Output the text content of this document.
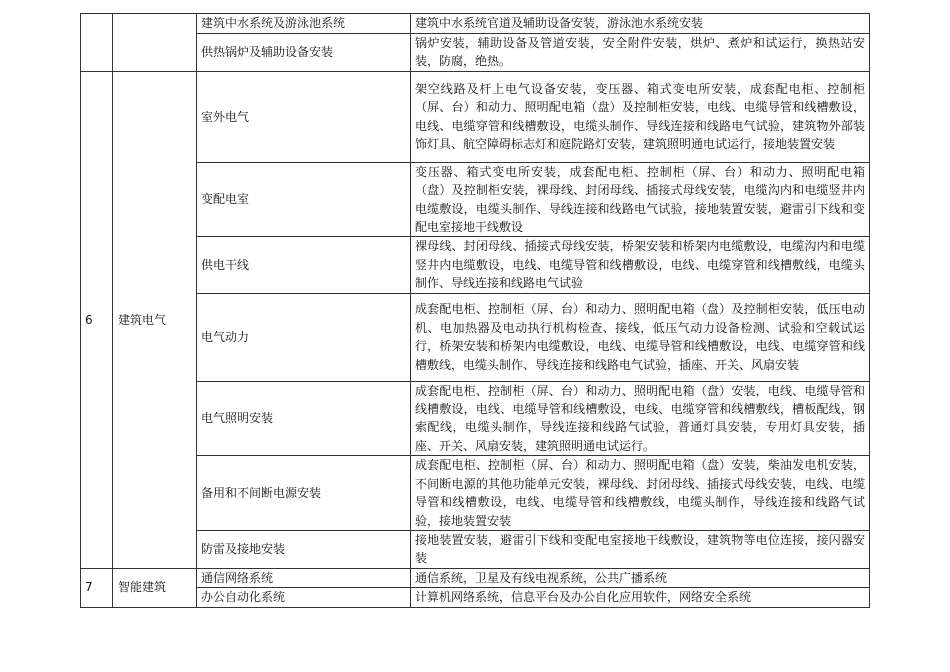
		建筑中水系统及游泳池系统	建筑中水系统官道及辅助设备安装，游泳池水系统安装
		供热锅炉及辅助设备安装	锅炉安装，辅助设备及管道安装，安全附件安装，烘炉、煮炉和试运行，换热站安装，防腐，绝热。
6	建筑电气	室外电气	架空线路及杆上电气设备安装，变压器、箱式变电所安装，成套配电柜、控制柜（屏、台）和动力、照明配电箱（盘）及控制柜安装，电线、电缆导管和线槽敷设，电线、电缆穿管和线槽敷设，电缆头制作、导线连接和线路电气试验，建筑物外部装饰灯具、航空障碍标志灯和庭院路灯安装，建筑照明通电试运行，接地装置安装
		变配电室	变压器、箱式变电所安装，成套配电柜、控制柜（屏、台）和动力、照明配电箱（盘）及控制柜安装，裸母线、封闭母线、插接式母线安装，电缆沟内和电缆竖井内电缆敷设，电缆头制作、导线连接和线路电气试验，接地装置安装，避雷引下线和变配电室接地干线敷设
		供电干线	裸母线、封闭母线、插接式母线安装，桥架安装和桥架内电缆敷设，电缆沟内和电缆竖井内电缆敷设，电线、电缆导管和线槽敷设，电线、电缆穿管和线槽敷线，电缆头制作、导线连接和线路电气试验
		电气动力	成套配电柜、控制柜（屏、台）和动力、照明配电箱（盘）及控制柜安装，低压电动机、电加热器及电动执行机构检查、接线，低压气动力设备检测、试验和空载试运行，桥架安装和桥架内电缆敷设，电线、电缆导管和线槽敷设，电线、电缆穿管和线槽敷线，电缆头制作、导线连接和线路电气试验，插座、开关、风扇安装
		电气照明安装	成套配电柜、控制柜（屏、台）和动力、照明配电箱（盘）安装，电线、电缆导管和线槽敷设，电线、电缆导管和线槽敷设，电线、电缆穿管和线槽敷线，槽板配线，钢索配线，电缆头制作，导线连接和线路气试验，普通灯具安装，专用灯具安装，插座、开关、风扇安装，建筑照明通电试运行。
		备用和不间断电源安装	成套配电柜、控制柜（屏、台）和动力、照明配电箱（盘）安装，柴油发电机安装，不间断电源的其他功能单元安装，裸母线、封闭母线、插接式母线安装，电线、电缆导管和线槽敷设，电线、电缆导管和线槽敷线，电缆头制作，导线连接和线路气试验，接地装置安装
		防雷及接地安装	接地装置安装，避雷引下线和变配电室接地干线敷设，建筑物等电位连接，接闪器安装
7	智能建筑	通信网络系统	通信系统，卫星及有线电视系统，公共广播系统
		办公自动化系统	计算机网络系统，信息平台及办公自化应用软件，网络安全系统
